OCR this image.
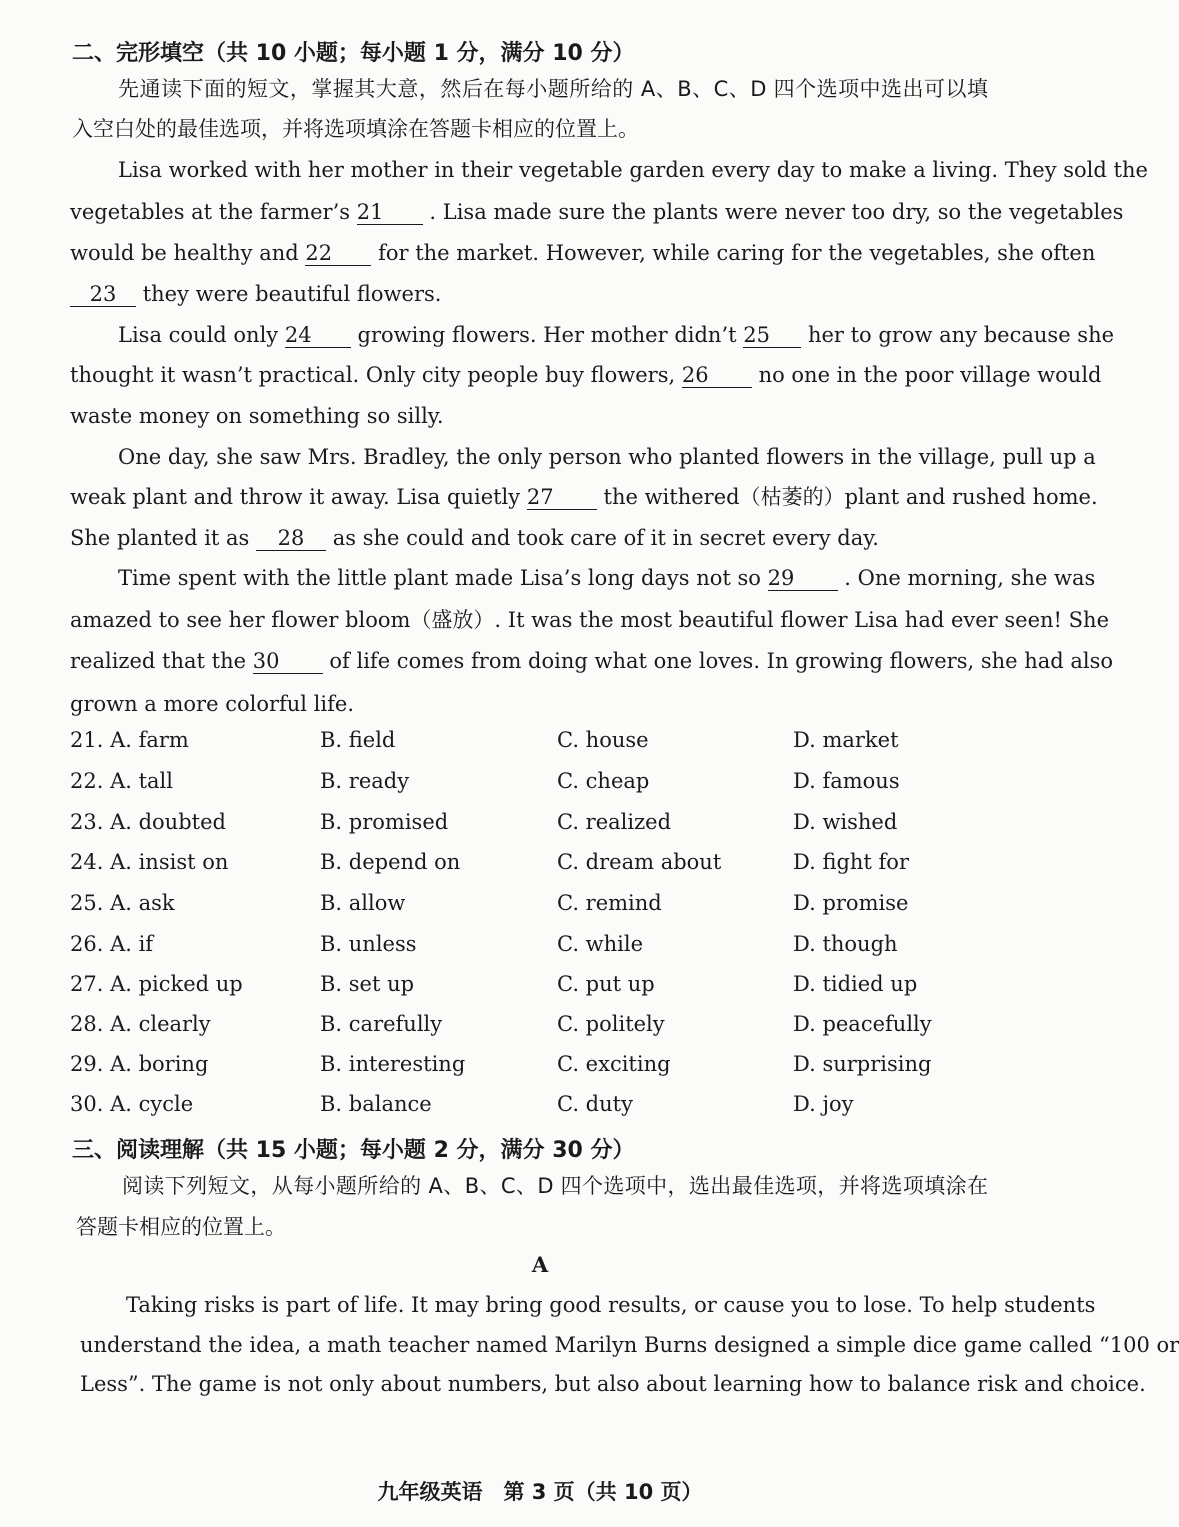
二、完形填空（共 10 小题；每小题 1 分，满分 10 分）
先通读下面的短文，掌握其大意，然后在每小题所给的 A、B、C、D 四个选项中选出可以填
入空白处的最佳选项，并将选项填涂在答题卡相应的位置上。
Lisa worked with her mother in their vegetable garden every day to make a living. They sold the
vegetables at the farmer’s 21 . Lisa made sure the plants were never too dry, so the vegetables
would be healthy and 22 for the market. However, while caring for the vegetables, she often
23 they were beautiful flowers.
Lisa could only 24 growing flowers. Her mother didn’t 25 her to grow any because she
thought it wasn’t practical. Only city people buy flowers, 26 no one in the poor village would
waste money on something so silly.
One day, she saw Mrs. Bradley, the only person who planted flowers in the village, pull up a
weak plant and throw it away. Lisa quietly 27 the withered（枯萎的）plant and rushed home.
She planted it as 28 as she could and took care of it in secret every day.
Time spent with the little plant made Lisa’s long days not so 29 . One morning, she was
amazed to see her flower bloom（盛放）. It was the most beautiful flower Lisa had ever seen! She
realized that the 30 of life comes from doing what one loves. In growing flowers, she had also
grown a more colorful life.
21. A. farm	B. field	C. house	D. market
22. A. tall	B. ready	C. cheap	D. famous
23. A. doubted	B. promised	C. realized	D. wished
24. A. insist on	B. depend on	C. dream about	D. fight for
25. A. ask	B. allow	C. remind	D. promise
26. A. if	B. unless	C. while	D. though
27. A. picked up	B. set up	C. put up	D. tidied up
28. A. clearly	B. carefully	C. politely	D. peacefully
29. A. boring	B. interesting	C. exciting	D. surprising
30. A. cycle	B. balance	C. duty	D. joy
三、阅读理解（共 15 小题；每小题 2 分，满分 30 分）
阅读下列短文，从每小题所给的 A、B、C、D 四个选项中，选出最佳选项，并将选项填涂在
答题卡相应的位置上。
A
Taking risks is part of life. It may bring good results, or cause you to lose. To help students
understand the idea, a math teacher named Marilyn Burns designed a simple dice game called “100 or
Less”. The game is not only about numbers, but also about learning how to balance risk and choice.
九年级英语　第 3 页（共 10 页）
